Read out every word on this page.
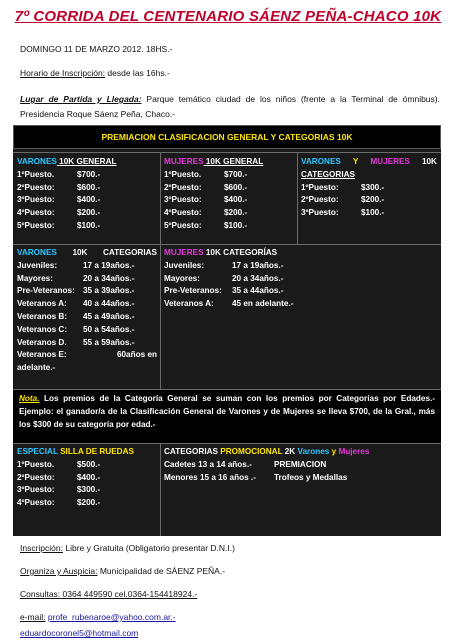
7º CORRIDA DEL CENTENARIO SÁENZ PEÑA-CHACO 10K
DOMINGO 11 DE MARZO 2012. 18HS.-
Horario de Inscripción: desde las 16hs.-
Lugar de Partida y Llegada: Parque temático ciudad de los niños (frente a la Terminal de ómnibus). Presidencia Roque Sáenz Peña, Chaco.-
PREMIACION CLASIFICACION GENERAL Y CATEGORIAS 10K
VARONES 10K GENERAL
1ºPuesto.	$700.-
2ºPuesto:	$600.-
3ºPuesto:	$400.-
4ºPuesto:	$200.-
5ºPuesto:	$100.-
MUJERES 10K GENERAL
1ºPuesto.	$700.-
2ºPuesto:	$600.-
3ºPuesto:	$400.-
4ºPuesto:	$200.-
5ºPuesto:	$100.-
VARONES Y MUJERES 10K
CATEGORIAS
1ºPuesto:	$300.-
2ºPuesto:	$200.-
3ºPuesto:	$100.-
VARONES 10K CATEGORIAS
Juveniles:	17 a 19años.-
Mayores:	20 a 34años.-
Pre-Veteranos:	35 a 39años.-
Veteranos A:	40 a 44años.-
Veteranos B:	45 a 49años.-
Veteranos C:	50 a 54años.-
Veteranos D.	55 a 59años.-
Veteranos E:	60años en
adelante.-
MUJERES 10K CATEGORÍAS
Juveniles:	17 a 19años.-
Mayores:	20 a 34años.-
Pre-Veteranos:	35 a 44años.-
Veteranos A:	45 en adelante.-
Nota. Los premios de la Categoría General se suman con los premios por Categorías por Edades.- Ejemplo: el ganador/a de la Clasificación General de Varones y de Mujeres se lleva $700, de la Gral., más los $300 de su categoría por edad.-
ESPECIAL SILLA DE RUEDAS
1ºPuesto.	$500.-
2ºPuesto:	$400.-
3ºPuesto:	$300.-
4ºPuesto:	$200.-
CATEGORIAS PROMOCIONAL 2K Varones y Mujeres
Cadetes 13 a 14 años.-	PREMIACION
Menores 15 a 16 años .-	Trofeos y Medallas
Inscripción: Libre y Gratuita (Obligatorio presentar D.N.I.)
Organiza y Auspicia: Municipalidad de SÁENZ PEÑA.-
Consultas: 0364 449590 cel.0364-154418924.-
e-mail: profe_rubenaroe@yahoo.com.ar.-
eduardocoronel5@hotmail.com
